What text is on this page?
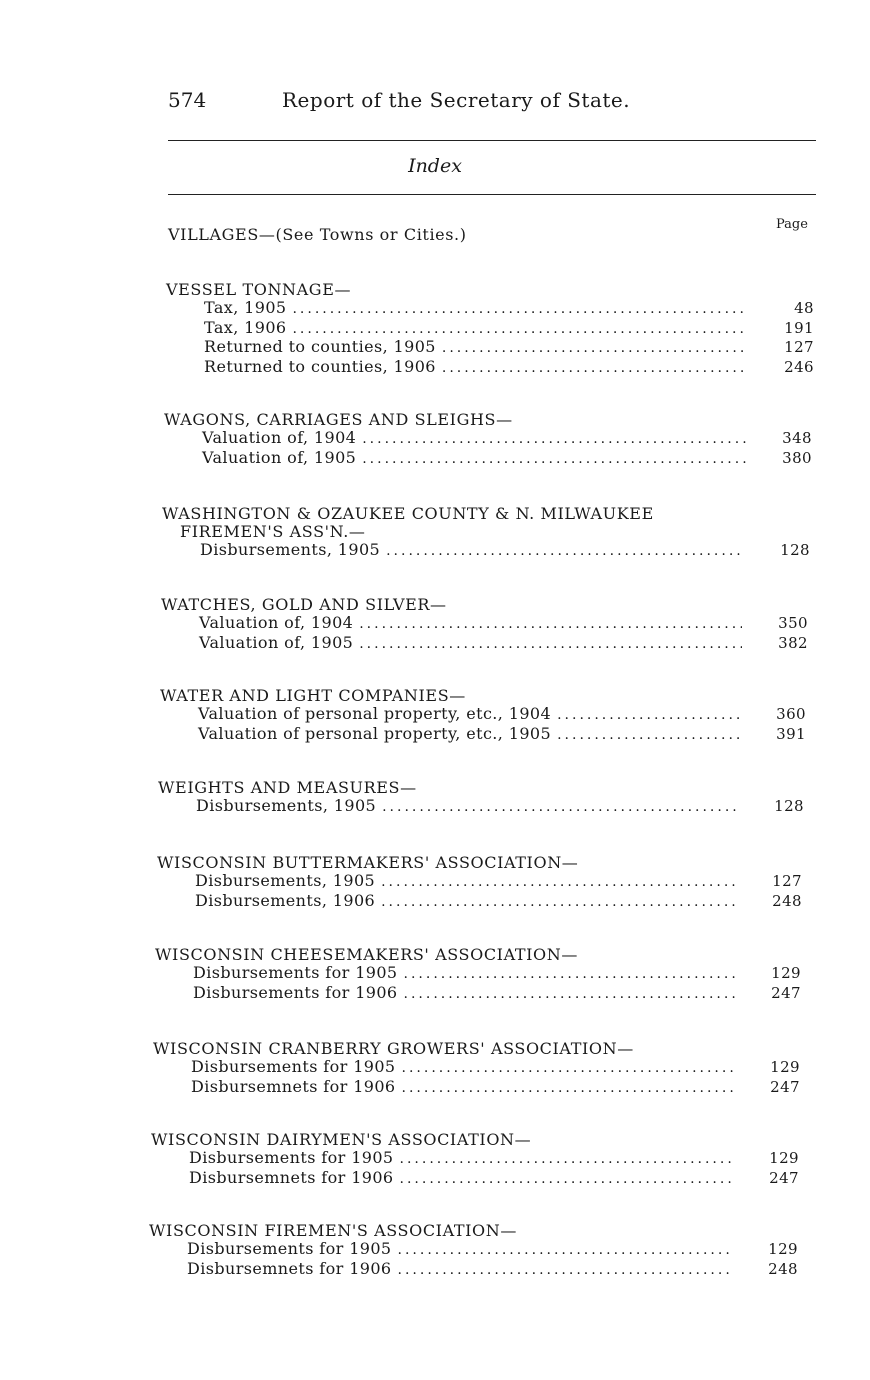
574	Report of the Secretary of State.
Index
Page
VILLAGES—(See Towns or Cities.)
VESSEL TONNAGE—
Tax, 1905 .....	48
Tax, 1906 .....	191
Returned to counties, 1905 .....	127
Returned to counties, 1906 .....	246
WAGONS, CARRIAGES AND SLEIGHS—
Valuation of, 1904 .....	348
Valuation of, 1905 .....	380
WASHINGTON & OZAUKEE COUNTY & N. MILWAUKEE
FIREMEN'S ASS'N.—
Disbursements, 1905 .....	128
WATCHES, GOLD AND SILVER—
Valuation of, 1904 .....	350
Valuation of, 1905 .....	382
WATER AND LIGHT COMPANIES—
Valuation of personal property, etc., 1904 .....	360
Valuation of personal property, etc., 1905 .....	391
WEIGHTS AND MEASURES—
Disbursements, 1905 .....	128
WISCONSIN BUTTERMAKERS' ASSOCIATION—
Disbursements, 1905 .....	127
Disbursements, 1906 .....	248
WISCONSIN CHEESEMAKERS' ASSOCIATION—
Disbursements for 1905 .....	129
Disbursements for 1906 .....	247
WISCONSIN CRANBERRY GROWERS' ASSOCIATION—
Disbursements for 1905 .....	129
Disbursemnets for 1906 .....	247
WISCONSIN DAIRYMEN'S ASSOCIATION—
Disbursements for 1905 .....	129
Disbursemnets for 1906 .....	247
WISCONSIN FIREMEN'S ASSOCIATION—
Disbursements for 1905 .....	129
Disbursemnets for 1906 .....	248
